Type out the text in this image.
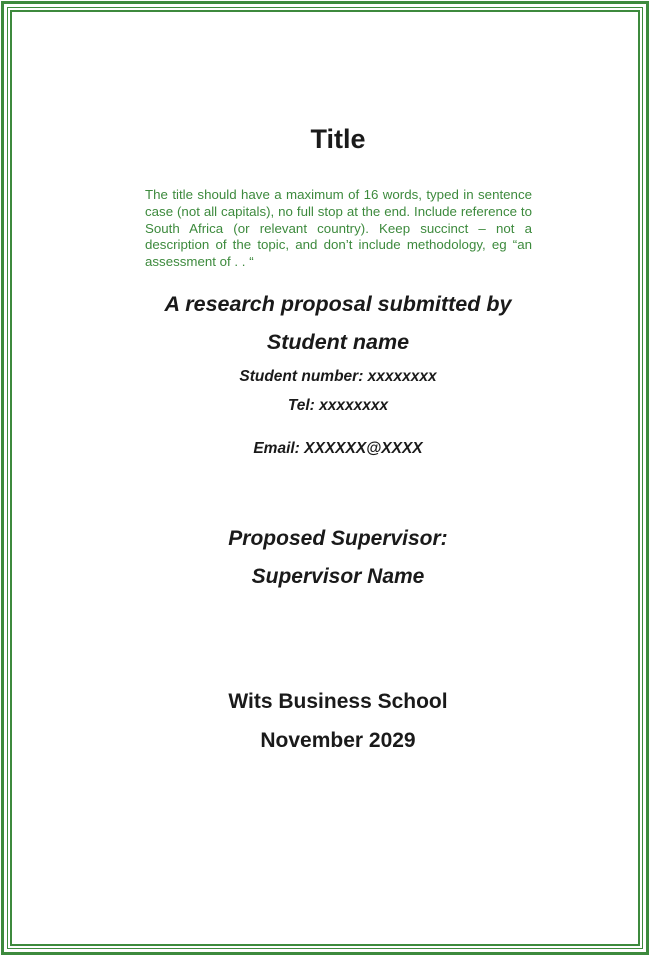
Title

The title should have a maximum of 16 words, typed in sentence case (not all capitals), no full stop at the end. Include reference to South Africa (or relevant country). Keep succinct – not a description of the topic, and don’t include methodology, eg “an assessment of . . “

A research proposal submitted by

Student name

Student number: xxxxxxxx

Tel: xxxxxxxx

Email: XXXXXX@XXXX

Proposed Supervisor:

Supervisor Name

Wits Business School

November 2029
